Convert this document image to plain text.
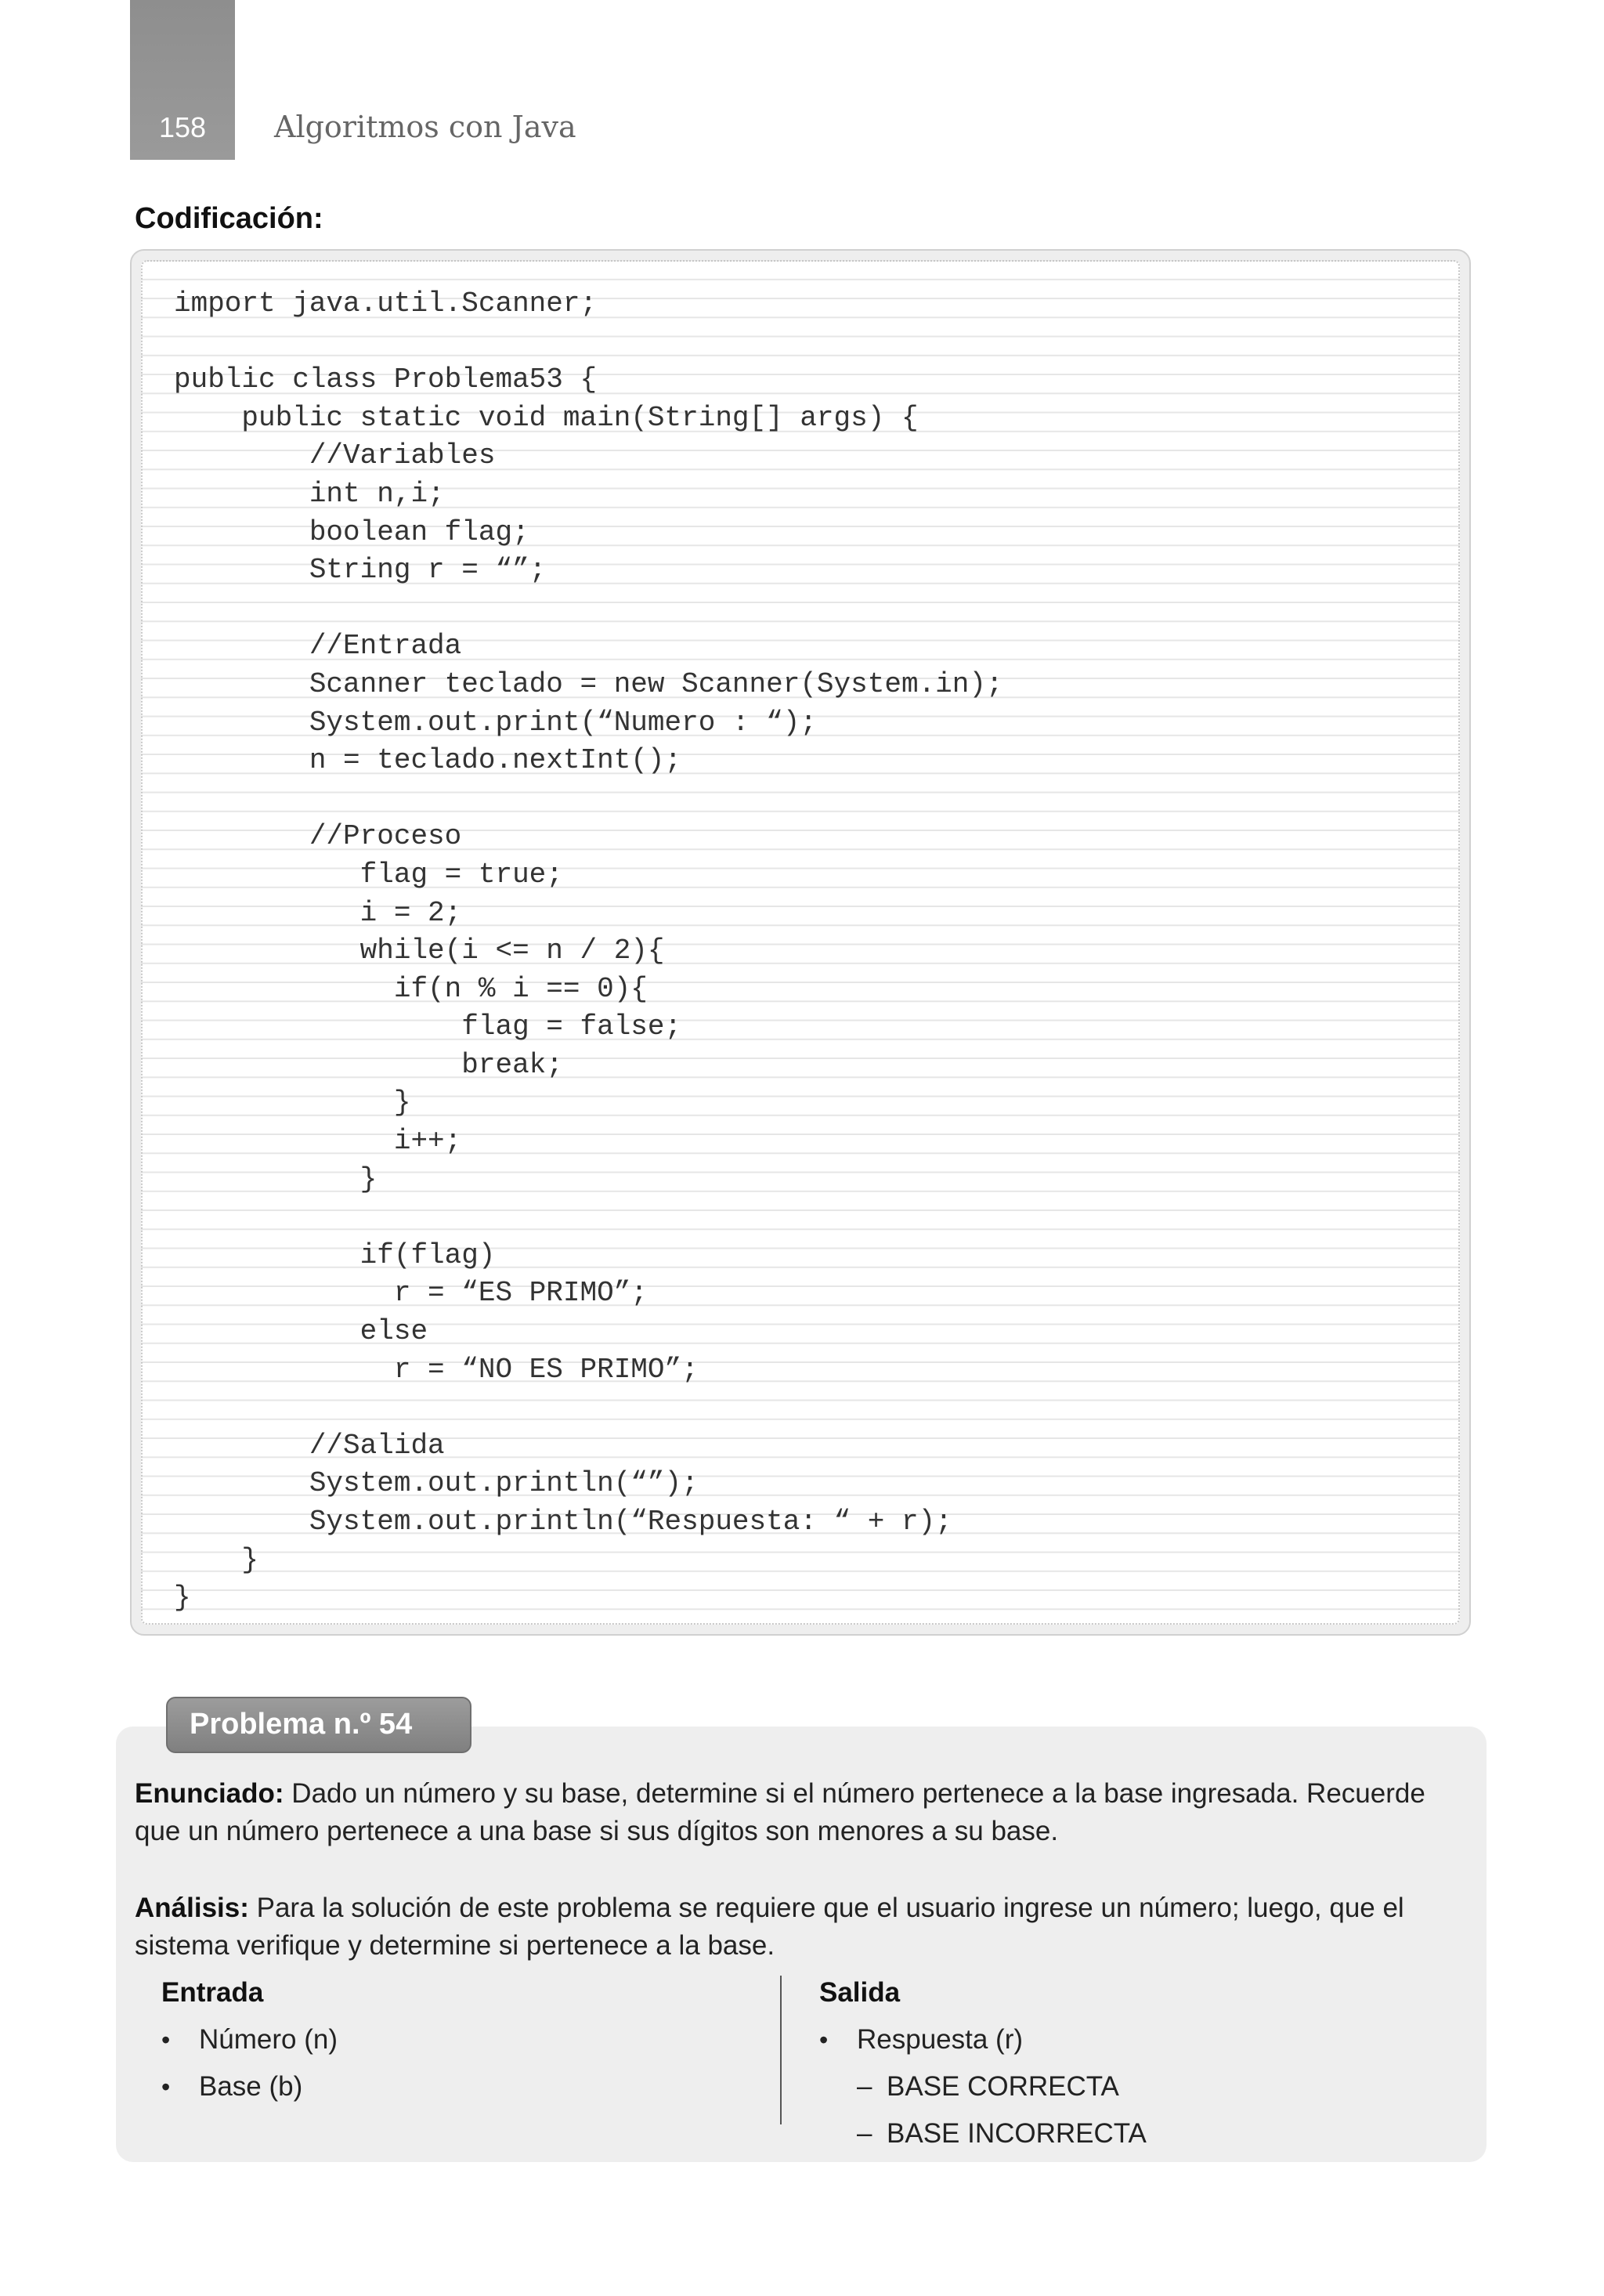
158	Algoritmos con Java
Codificación:
import java.util.Scanner;
public class Problema53 {
public static void main(String[] args) {
//Variables
int n,i;
boolean flag;
String r = “”;
//Entrada
Scanner teclado = new Scanner(System.in);
System.out.print(“Numero : “);
n = teclado.nextInt();
//Proceso
flag = true;
i = 2;
while(i <= n / 2){
if(n % i == 0){
flag = false;
break;
}
i++;
}
if(flag)
r = “ES PRIMO”;
else
r = “NO ES PRIMO”;
//Salida
System.out.println(“”);
System.out.println(“Respuesta: “ + r);
}
}
Problema n.º 54
Enunciado: Dado un número y su base, determine si el número pertenece a la base ingresada. Recuerde que un número pertenece a una base si sus dígitos son menores a su base.
Análisis: Para la solución de este problema se requiere que el usuario ingrese un número; luego, que el sistema verifique y determine si pertenece a la base.
Entrada
• Número (n)
• Base (b)
Salida
• Respuesta (r)
– BASE CORRECTA
– BASE INCORRECTA
